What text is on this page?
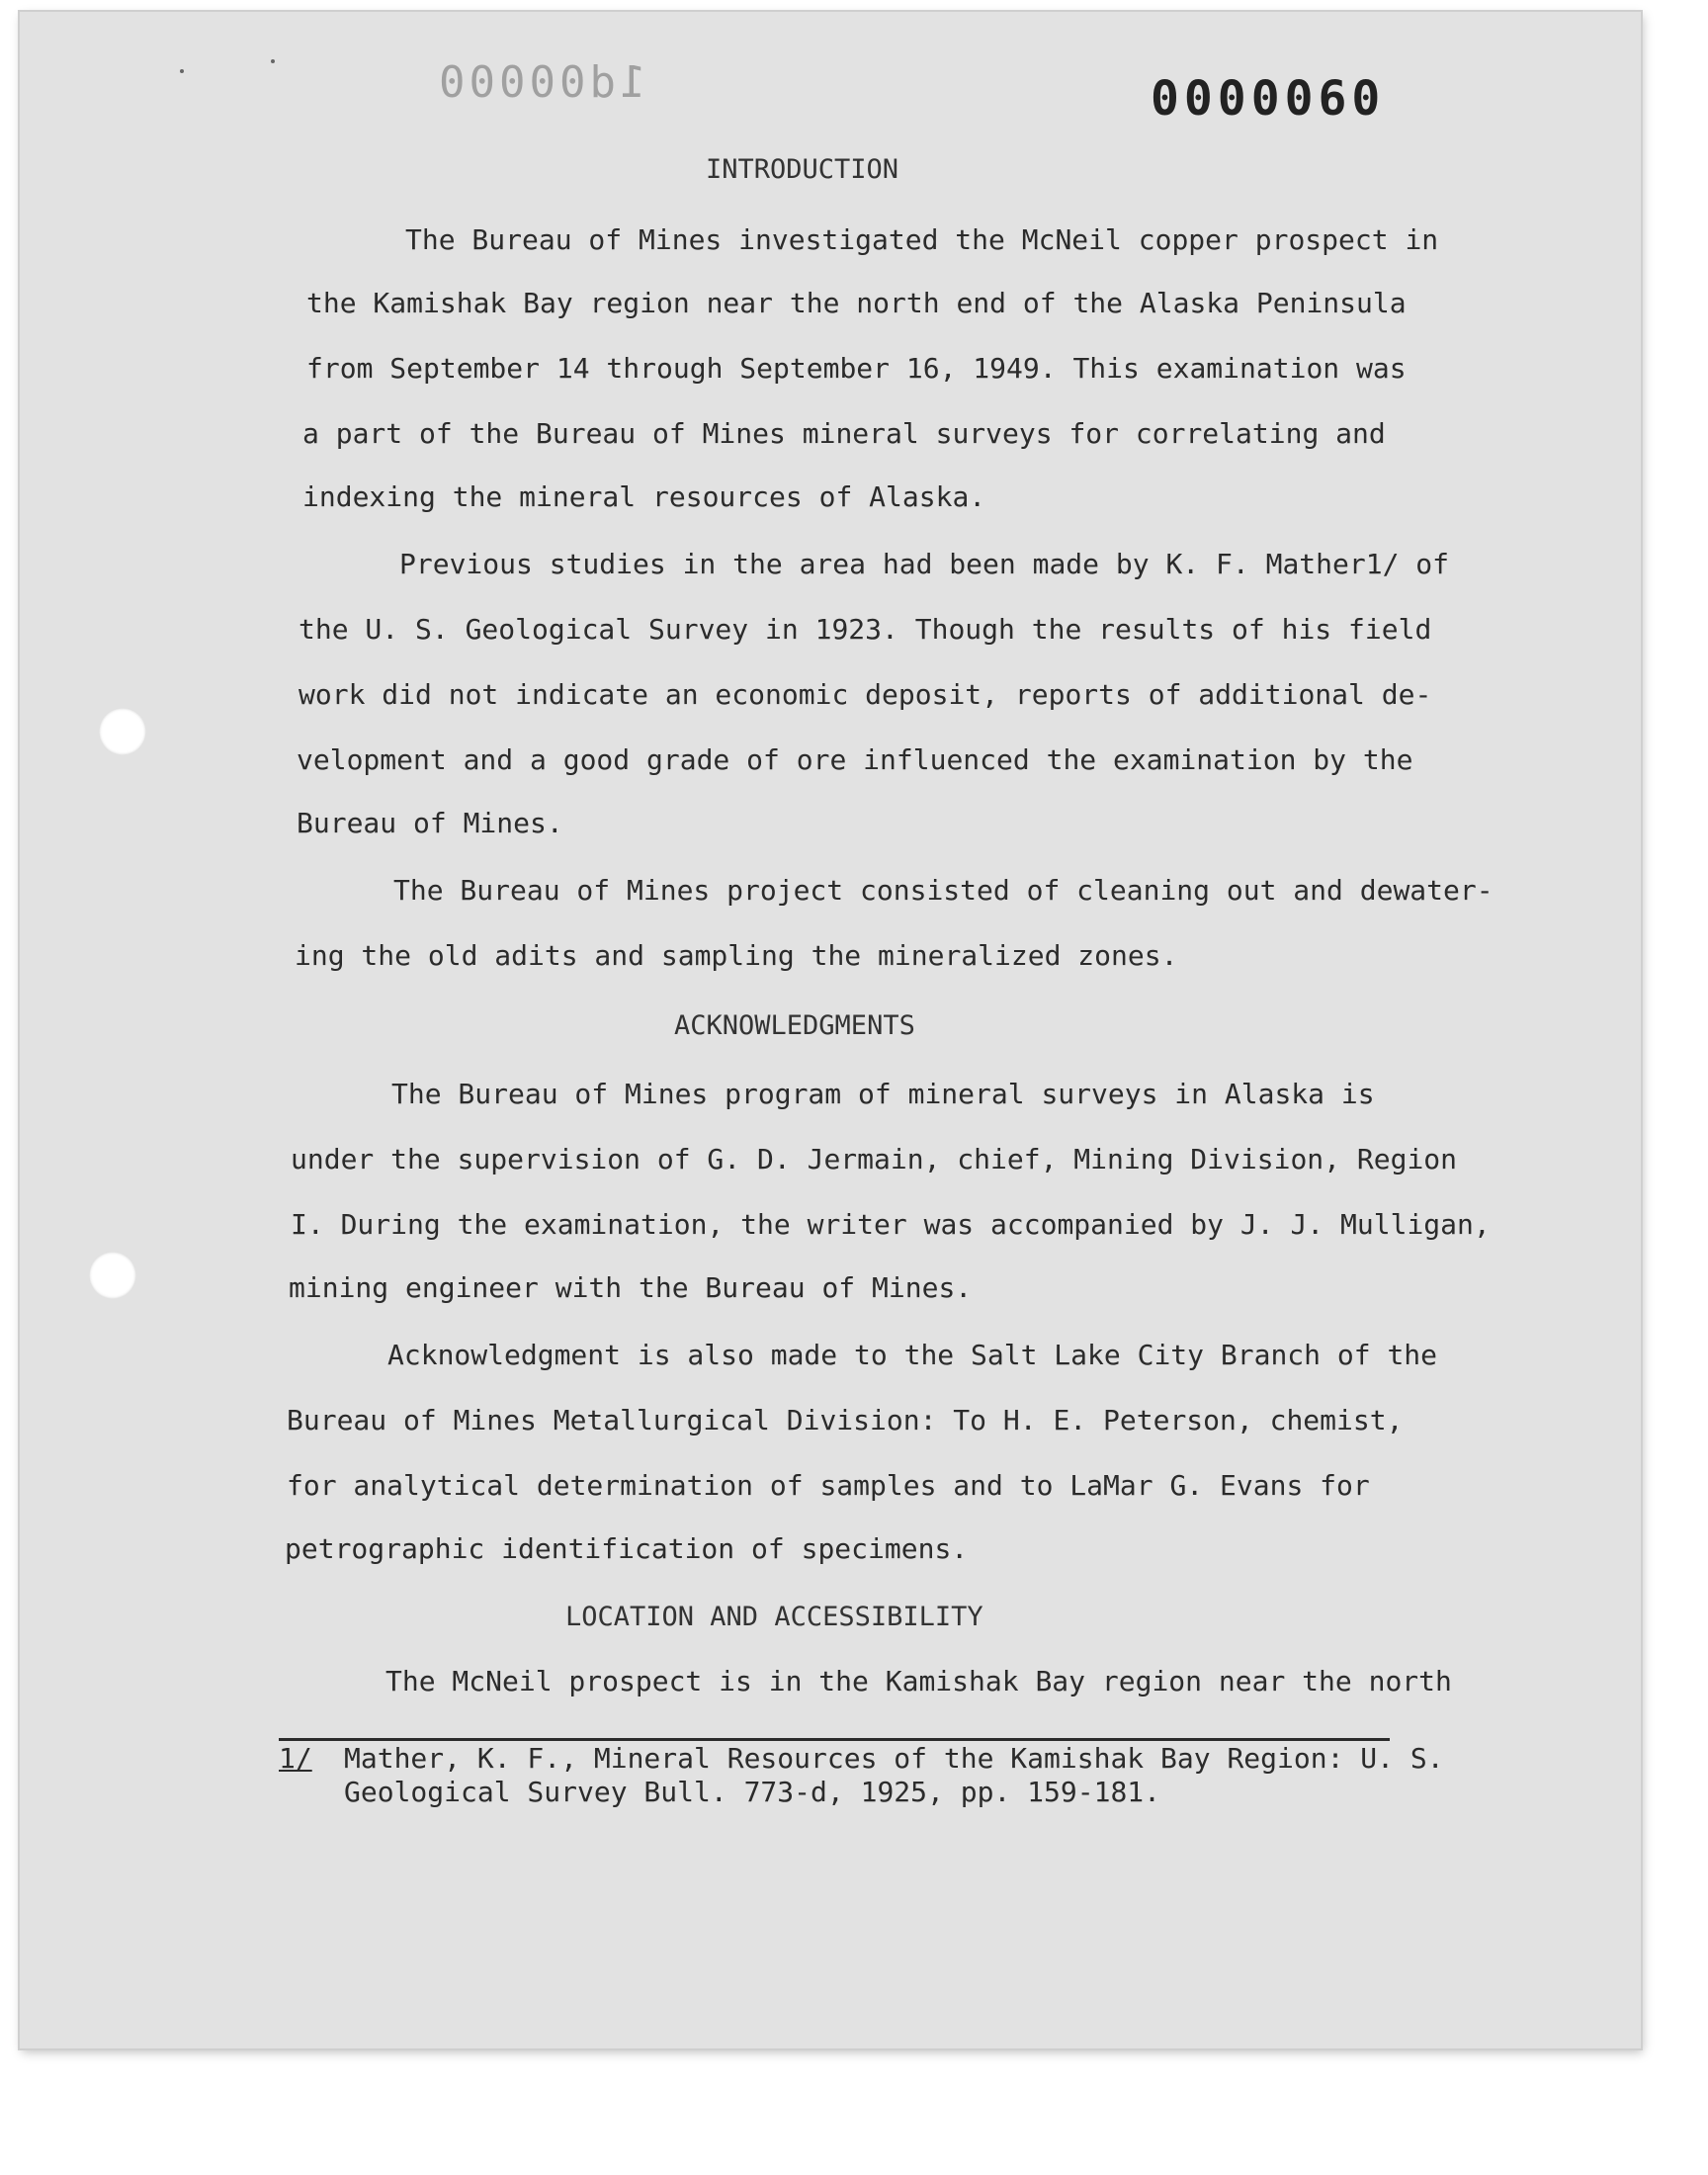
1d00000	0000060
INTRODUCTION
The Bureau of Mines investigated the McNeil copper prospect in
the Kamishak Bay region near the north end of the Alaska Peninsula
from September 14 through September 16, 1949. This examination was
a part of the Bureau of Mines mineral surveys for correlating and
indexing the mineral resources of Alaska.
Previous studies in the area had been made by K. F. Mather1/ of
the U. S. Geological Survey in 1923. Though the results of his field
work did not indicate an economic deposit, reports of additional de-
velopment and a good grade of ore influenced the examination by the
Bureau of Mines.
The Bureau of Mines project consisted of cleaning out and dewater-
ing the old adits and sampling the mineralized zones.
ACKNOWLEDGMENTS
The Bureau of Mines program of mineral surveys in Alaska is
under the supervision of G. D. Jermain, chief, Mining Division, Region
I. During the examination, the writer was accompanied by J. J. Mulligan,
mining engineer with the Bureau of Mines.
Acknowledgment is also made to the Salt Lake City Branch of the
Bureau of Mines Metallurgical Division: To H. E. Peterson, chemist,
for analytical determination of samples and to LaMar G. Evans for
petrographic identification of specimens.
LOCATION AND ACCESSIBILITY
The McNeil prospect is in the Kamishak Bay region near the north
1/ Mather, K. F., Mineral Resources of the Kamishak Bay Region: U. S.
Geological Survey Bull. 773-d, 1925, pp. 159-181.
